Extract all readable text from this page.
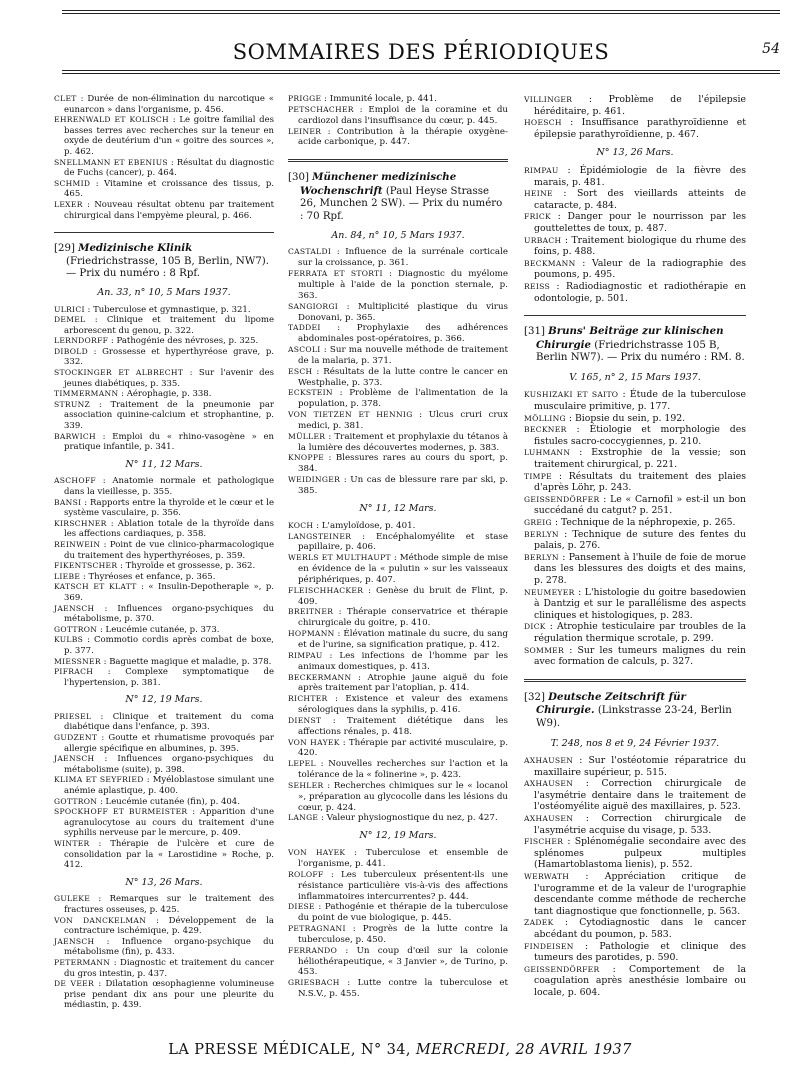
SOMMAIRES DES PÉRIODIQUES	54

CLET : Durée de non-élimination du narcotique « eunarcon » dans l'organisme, p. 456.

EHRENWALD ET KOLISCH : Le goitre familial des basses terres avec recherches sur la teneur en oxyde de deutérium d'un « goitre des sources », p. 462.

SNELLMANN ET EBENIUS : Résultat du diagnostic de Fuchs (cancer), p. 464.

SCHMID : Vitamine et croissance des tissus, p. 465.

LEXER : Nouveau résultat obtenu par traitement chirurgical dans l'empyème pleural, p. 466.

[29] Medizinische Klinik (Friedrichstrasse, 105 B, Berlin, NW7). — Prix du numéro : 8 Rpf.
An. 33, n° 10, 5 Mars 1937.

ULRICI : Tuberculose et gymnastique, p. 321.

DEMEL : Clinique et traitement du lipome arborescent du genou, p. 322.

LERNDORFF : Pathogénie des névroses, p. 325.

DIBOLD : Grossesse et hyperthyréose grave, p. 332.

STOCKINGER ET ALBRECHT : Sur l'avenir des jeunes diabétiques, p. 335.

TIMMERMANN : Aérophagie, p. 338.

STRUNZ : Traitement de la pneumonie par association quinine-calcium et strophantine, p. 339.

BARWICH : Emploi du « rhino-vasogène » en pratique infantile, p. 341.

N° 11, 12 Mars.

ASCHOFF : Anatomie normale et pathologique dans la vieillesse, p. 355.

BANSI : Rapports entre la thyroïde et le cœur et le système vasculaire, p. 356.

KIRSCHNER : Ablation totale de la thyroïde dans les affections cardiaques, p. 358.

REINWEIN : Point de vue clinico-pharmacologique du traitement des hyperthyréoses, p. 359.

FIKENTSCHER : Thyroïde et grossesse, p. 362.

LIEBE : Thyréoses et enfance, p. 365.

KATSCH ET KLATT : « Insulin-Depotheraple », p. 369.

JAENSCH : Influences organo-psychiques du métabolisme, p. 370.

GOTTRON : Leucémie cutanée, p. 373.

KULBS : Commotio cordis après combat de boxe, p. 377.

MIESSNER : Baguette magique et maladie, p. 378.

PIFRACH : Complexe symptomatique de l'hypertension, p. 381.

N° 12, 19 Mars.

PRIESEL : Clinique et traitement du coma diabétique dans l'enfance, p. 393.

GUDZENT : Goutte et rhumatisme provoqués par allergie spécifique en albumines, p. 395.

JAENSCH : Influences organo-psychiques du métabolisme (suite), p. 398.

KLIMA ET SEYFRIED : Myéloblastose simulant une anémie aplastique, p. 400.

GOTTRON : Leucémie cutanée (fin), p. 404.

SPOCKHOFF ET BURMEISTER : Apparition d'une agranulocytose au cours du traitement d'une syphilis nerveuse par le mercure, p. 409.

WINTER : Thérapie de l'ulcère et cure de consolidation par la « Larostidine » Roche, p. 412.

N° 13, 26 Mars.

GULEKE : Remarques sur le traitement des fractures osseuses, p. 425.

VON DANCKELMAN : Développement de la contracture ischémique, p. 429.

JAENSCH : Influence organo-psychique du métabolisme (fin), p. 433.

PETERMANN : Diagnostic et traitement du cancer du gros intestin, p. 437.

DE VEER : Dilatation œsophagienne volumineuse prise pendant dix ans pour une pleurite du médiastin, p. 439.

PRIGGE : Immunité locale, p. 441.

PETSCHACHER : Emploi de la coramine et du cardiozol dans l'insuffisance du cœur, p. 445.

LEINER : Contribution à la thérapie oxygène-acide carbonique, p. 447.

[30] Münchener medizinische Wochenschrift (Paul Heyse Strasse 26, Munchen 2 SW). — Prix du numéro : 70 Rpf.
An. 84, n° 10, 5 Mars 1937.

CASTALDI : Influence de la surrénale corticale sur la croissance, p. 361.

FERRATA ET STORTI : Diagnostic du myélome multiple à l'aide de la ponction sternale, p. 363.

SANGIORGI : Multiplicité plastique du virus Donovani, p. 365.

TADDEI : Prophylaxie des adhérences abdominales post-opératoires, p. 366.

ASCOLI : Sur ma nouvelle méthode de traitement de la malaria, p. 371.

ESCH : Résultats de la lutte contre le cancer en Westphalie, p. 373.

ECKSTEIN : Problème de l'alimentation de la population, p. 378.

VON TIETZEN ET HENNIG : Ulcus cruri crux medici, p. 381.

MÜLLER : Traitement et prophylaxie du tétanos à la lumière des découvertes modernes, p. 383.

KNOPPE : Blessures rares au cours du sport, p. 384.

WEIDINGER : Un cas de blessure rare par ski, p. 385.

N° 11, 12 Mars.

KOCH : L'amyloïdose, p. 401.

LANGSTEINER : Encéphalomyélite et stase papillaire, p. 406.

WERLS ET MULTHAUPT : Méthode simple de mise en évidence de la « pulutin » sur les vaisseaux périphériques, p. 407.

FLEISCHHACKER : Genèse du bruit de Flint, p. 409.

BREITNER : Thérapie conservatrice et thérapie chirurgicale du goitre, p. 410.

HOPMANN : Élévation matinale du sucre, du sang et de l'urine, sa signification pratique, p. 412.

RIMPAU : Les infections de l'homme par les animaux domestiques, p. 413.

BECKERMANN : Atrophie jaune aiguë du foie après traitement par l'atoplian, p. 414.

RICHTER : Existence et valeur des examens sérologiques dans la syphilis, p. 416.

DIENST : Traitement diététique dans les affections rénales, p. 418.

VON HAYEK : Thérapie par activité musculaire, p. 420.

LEPEL : Nouvelles recherches sur l'action et la tolérance de la « folinerine », p. 423.

SEHLER : Recherches chimiques sur le « locanol », préparation au glycocolle dans les lésions du cœur, p. 424.

LANGE : Valeur physiognostique du nez, p. 427.

N° 12, 19 Mars.

VON HAYEK : Tuberculose et ensemble de l'organisme, p. 441.

ROLOFF : Les tuberculeux présentent-ils une résistance particulière vis-à-vis des affections inflammatoires intercurrentes? p. 444.

DIESE : Pathogénie et thérapie de la tuberculose du point de vue biologique, p. 445.

PETRAGNANI : Progrès de la lutte contre la tuberculose, p. 450.

FERRANDO : Un coup d'œil sur la colonie héliothérapeutique, « 3 Janvier », de Turino, p. 453.

GRIESBACH : Lutte contre la tuberculose et N.S.V., p. 455.

VILLINGER : Problème de l'épilepsie héréditaire, p. 461.

HOESCH : Insuffisance parathyroïdienne et épilepsie parathyroïdienne, p. 467.

N° 13, 26 Mars.

RIMPAU : Épidémiologie de la fièvre des marais, p. 481.

HEINE : Sort des vieillards atteints de cataracte, p. 484.

FRICK : Danger pour le nourrisson par les gouttelettes de toux, p. 487.

URBACH : Traitement biologique du rhume des foins, p. 488.

BECKMANN : Valeur de la radiographie des poumons, p. 495.

REISS : Radiodiagnostic et radiothérapie en odontologie, p. 501.

[31] Bruns' Beiträge zur klinischen Chirurgie (Friedrichstrasse 105 B, Berlin NW7). — Prix du numéro : RM. 8.
V. 165, n° 2, 15 Mars 1937.

KUSHIZAKI ET SAITO : Étude de la tuberculose musculaire primitive, p. 177.

MÖLLING : Biopsie du sein, p. 192.

BECKNER : Étiologie et morphologie des fistules sacro-coccygiennes, p. 210.

LUHMANN : Exstrophie de la vessie; son traitement chirurgical, p. 221.

TIMPE : Résultats du traitement des plaies d'après Löhr, p. 243.

GEISSENDÖRFER : Le « Carnofil » est-il un bon succédané du catgut? p. 251.

GREIG : Technique de la néphropexie, p. 265.

BERLYN : Technique de suture des fentes du palais, p. 276.

BERLYN : Pansement à l'huile de foie de morue dans les blessures des doigts et des mains, p. 278.

NEUMEYER : L'histologie du goitre basedowien à Dantzig et sur le parallélisme des aspects cliniques et histologiques, p. 283.

DICK : Atrophie testiculaire par troubles de la régulation thermique scrotale, p. 299.

SOMMER : Sur les tumeurs malignes du rein avec formation de calculs, p. 327.

[32] Deutsche Zeitschrift für Chirurgie. (Linkstrasse 23-24, Berlin W9).
T. 248, nos 8 et 9, 24 Février 1937.

AXHAUSEN : Sur l'ostéotomie réparatrice du maxillaire supérieur, p. 515.

AXHAUSEN : Correction chirurgicale de l'asymétrie dentaire dans le traitement de l'ostéomyélite aiguë des maxillaires, p. 523.

AXHAUSEN : Correction chirurgicale de l'asymétrie acquise du visage, p. 533.

FISCHER : Splénomégalie secondaire avec des splénomes pulpeux multiples (Hamartoblastoma lienis), p. 552.

WERWATH : Appréciation critique de l'urogramme et de la valeur de l'urographie descendante comme méthode de recherche tant diagnostique que fonctionnelle, p. 563.

ZADEK : Cytodiagnostic dans le cancer abcédant du poumon, p. 583.

FINDEISEN : Pathologie et clinique des tumeurs des parotides, p. 590.

GEISSENDÖRFER : Comportement de la coagulation après anesthésie lombaire ou locale, p. 604.

LA PRESSE MÉDICALE, N° 34, MERCREDI, 28 AVRIL 1937
